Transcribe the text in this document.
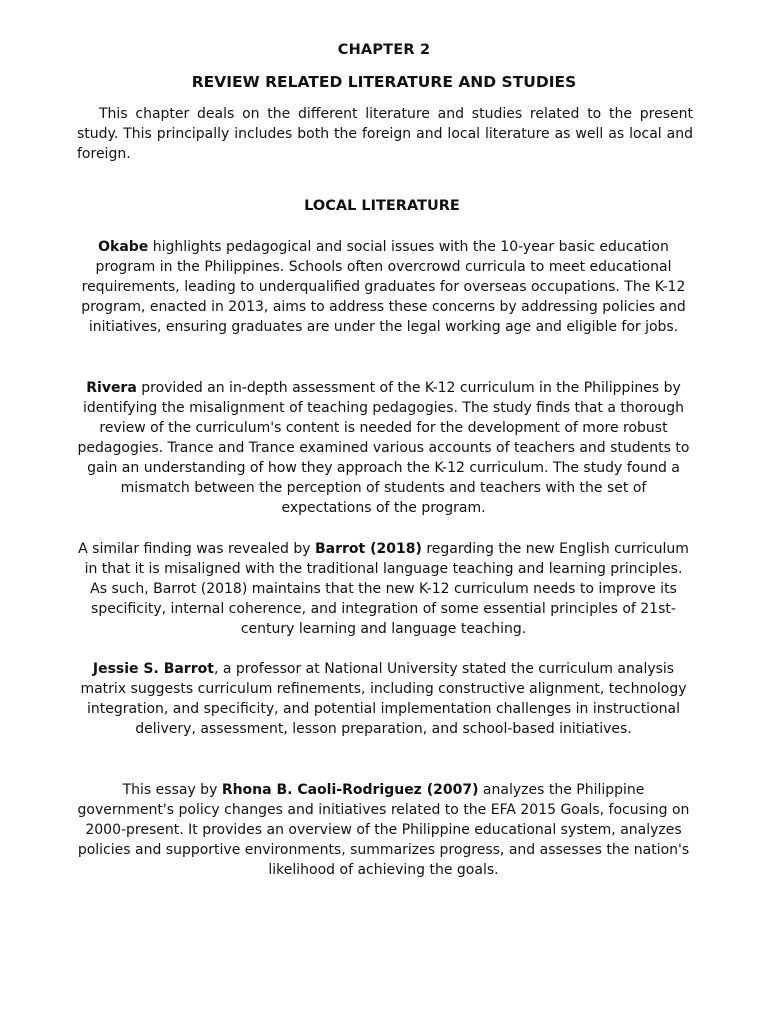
CHAPTER 2
REVIEW RELATED LITERATURE AND STUDIES
This chapter deals on the different literature and studies related to the present study. This principally includes both the foreign and local literature as well as local and foreign.
LOCAL LITERATURE
Okabe highlights pedagogical and social issues with the 10-year basic education program in the Philippines. Schools often overcrowd curricula to meet educational requirements, leading to underqualified graduates for overseas occupations. The K-12 program, enacted in 2013, aims to address these concerns by addressing policies and initiatives, ensuring graduates are under the legal working age and eligible for jobs.
Rivera provided an in-depth assessment of the K-12 curriculum in the Philippines by identifying the misalignment of teaching pedagogies. The study finds that a thorough review of the curriculum's content is needed for the development of more robust pedagogies. Trance and Trance examined various accounts of teachers and students to gain an understanding of how they approach the K-12 curriculum. The study found a mismatch between the perception of students and teachers with the set of expectations of the program.
A similar finding was revealed by Barrot (2018) regarding the new English curriculum in that it is misaligned with the traditional language teaching and learning principles. As such, Barrot (2018) maintains that the new K-12 curriculum needs to improve its specificity, internal coherence, and integration of some essential principles of 21st-century learning and language teaching.
Jessie S. Barrot, a professor at National University stated the curriculum analysis matrix suggests curriculum refinements, including constructive alignment, technology integration, and specificity, and potential implementation challenges in instructional delivery, assessment, lesson preparation, and school-based initiatives.
This essay by Rhona B. Caoli-Rodriguez (2007) analyzes the Philippine government's policy changes and initiatives related to the EFA 2015 Goals, focusing on 2000-present. It provides an overview of the Philippine educational system, analyzes policies and supportive environments, summarizes progress, and assesses the nation's likelihood of achieving the goals.
